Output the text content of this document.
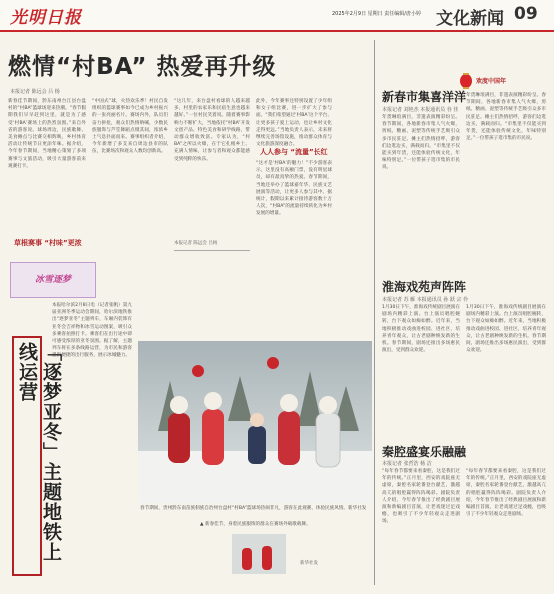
光明日报	2025年2月9日 星期日 责任编辑/唐小婷 文化新闻 09
燃情“村BA” 热爱再升级
本报记者 陈远会 吕 杨
新春佳节期间，黔东南州台江县台盘村的“村BA”篮球场迎来热潮。“春节假期我们早早赶到这里，就是为了感受‘村BA’赛场上的热烈氛围。”来自外省的游客说。球场周边，民族歌舞、美食摊点与比赛交相辉映，乡村体育活动让传统节日更添年味。据介绍，今年春节期间，当地精心策划了多项赛事与文旅活动，吸引大量游客前来观赛打卡。
草根赛事 “村味”更浓
“中国式”球，火热欢乐季！村民自发组织的篮球赛事如今已成为乡村振兴的一张亮丽名片。赛场内外，队员们奋力拼抢，观众们热情呐喊，少数民族服饰与芦笙舞蹈点缀其间，浓浓乡土气息扑面而来。赛事组织者介绍，今年新增了多支来自周边县市的队伍，比赛场次和观众人数均创新高。
“这几年，来台盘村看球的人越来越多，村里的农家乐和民宿生意也越来越好。”一位村民笑着说。随着赛事影响力不断扩大，当地依托“村BA”开发文创产品、特色美食和研学线路，带动群众增收致富。专家认为，“村BA”之所以火爆，在于它扎根乡土、充满人情味，让参与者和观众都能感受到纯粹的快乐。
人人参与 “流量”长红
此外，今年赛事还特别设置了少年组和女子组比赛，进一步扩大了参与面。“我们希望通过‘村BA’这个平台，让更多孩子爱上运动，也让乡村文化走得更远。”当地负责人表示，未来将继续完善场馆设施，推动群众体育与文化旅游深度融合。
“这才是‘村BA’的魅力！”不少游客表示，这里没有高额门票，没有明星球员，却有最真挚的热爱。春节期间，当地还举办了篮球嘉年华、民族文艺展演等活动，让更多人参与其中。据统计，假期以来累计接待游客数十万人次，“村BA”的流量持续转化为乡村发展的增量。
本报记者 陈远会 吕杨
欢度中国年
新春市集喜洋洋
本报记者 刘艳杰 本报通讯员 谷 佳
年货琳琅满目，非遗表演精彩纷呈。春节期间，各地新春市集人气火爆，剪纸、糖画、泥塑等传统手艺吸引众多市民驻足。摊主们热情招呼，游客们边逛边买，满载而归。“市集里不仅能买到年货，还能体验传统文化，年味特别足。”一位带孩子逛市集的市民说。
年货琳琅满目，非遗表演精彩纷呈。春节期间，各地新春市集人气火爆，剪纸、糖画、泥塑等传统手艺吸引众多市民驻足。摊主们热情招呼，游客们边逛边买，满载而归。“市集里不仅能买到年货，还能体验传统文化，年味特别足。”一位带孩子逛市集的市民说。
淮海戏苑声阵阵
本报记者 苏 雁 本报通讯员 孙 跃 宗 伶
1月30日下午，淮海戏传统剧目展演在剧场内精彩上演。台上演员唱腔婉转，台下观众如痴如醉。近年来，当地积极推动戏曲进校园、进社区，培养青年观众，让古老剧种焕发新的生机。春节期间，剧场还推出多场惠民演出，受到群众欢迎。
1月30日下午，淮海戏传统剧目展演在剧场内精彩上演。台上演员唱腔婉转，台下观众如痴如醉。近年来，当地积极推动戏曲进校园、进社区，培养青年观众，让古老剧种焕发新的生机。春节期间，剧场还推出多场惠民演出，受到群众欢迎。
秦腔盛宴乐融融
本报记者 张哲浩 杨 洁
“每年春节都要来看秦腔，这是我们过年的传统。”正月里，西安的戏院座无虚席，秦腔名家轮番登台献艺，激越高亢的唱腔赢得阵阵喝彩。剧院负责人介绍，今年春节推出了经典剧目展演和新编剧目首演，让老戏迷过足戏瘾，也吸引了不少年轻观众走进剧场。
“每年春节都要来看秦腔，这是我们过年的传统。”正月里，西安的戏院座无虚席，秦腔名家轮番登台献艺，激越高亢的唱腔赢得阵阵喝彩。剧院负责人介绍，今年春节推出了经典剧目展演和新编剧目首演，让老戏迷过足戏瘾，也吸引了不少年轻观众走进剧场。
冰雪逐梦
「逐梦亚冬」主题地铁上线运营
本报哈尔滨2月8日电（记者张帆）第九届亚洲冬季运动会期间，哈尔滨地铁推出“逐梦亚冬”主题列车，车厢内装饰有亚冬会吉祥物和冰雪运动图案，吸引众多乘客拍照打卡。乘客们在出行途中即可感受浓厚的亚冬氛围。据了解，主题列车将在多条线路运营，为市民和游客提供便捷的出行服务，展示冰城魅力。
春节期间，贵州黔东南苗族侗族自治州台盘村“村BA”篮球场热闹非凡，游客在此观赛、体验民族风情。新华社发
▲ 新春佳节，身着民族服饰的群众在赛场外载歌载舞。
新华社发
